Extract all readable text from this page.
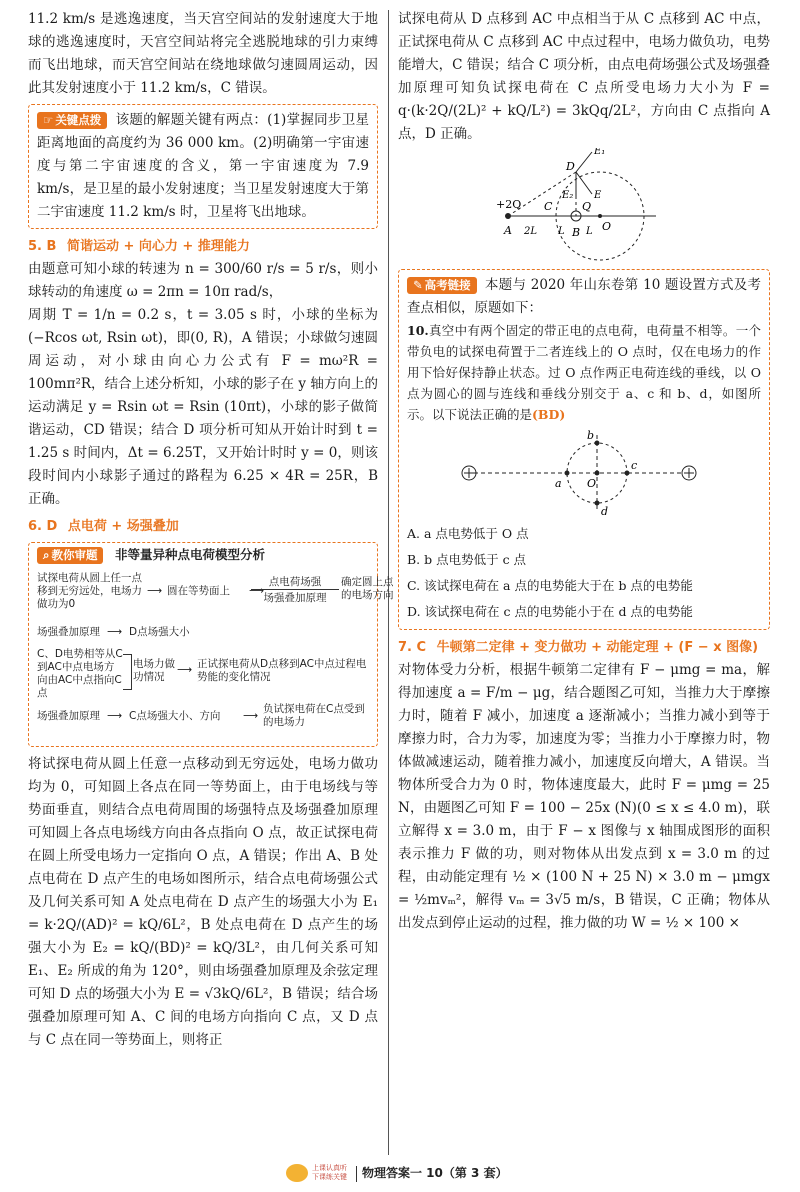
11.2 km/s 是逃逸速度，当天宫空间站的发射速度大于地球的逃逸速度时，天宫空间站将完全逃脱地球的引力束缚而飞出地球，而天宫空间站在绕地球做匀速圆周运动，因此其发射速度小于 11.2 km/s，C 错误。

☞ 关键点拨 该题的解题关键有两点：(1)掌握同步卫星距离地面的高度约为 36 000 km。(2)明确第一宇宙速度与第二宇宙速度的含义，第一宇宙速度为 7.9 km/s，是卫星的最小发射速度；当卫星发射速度大于第二宇宙速度 11.2 km/s 时，卫星将飞出地球。

5. B 简谐运动 + 向心力 + 推理能力

由题意可知小球的转速为 n = 300/60 r/s = 5 r/s，则小球转动的角速度 ω = 2πn = 10π rad/s，

周期 T = 1/n = 0.2 s，t = 3.05 s 时，小球的坐标为 (−Rcos ωt, Rsin ωt)，即(0, R)，A 错误；小球做匀速圆周运动，对小球由向心力公式有 F = mω²R = 100mπ²R，结合上述分析知，小球的影子在 y 轴方向上的运动满足 y = Rsin ωt = Rsin (10πt)，小球的影子做简谐运动，CD 错误；结合 D 项分析可知从开始计时到 t = 1.25 s 时间内，Δt = 6.25T，又开始计时时 y = 0，则该段时间内小球影子通过的路程为 6.25 × 4R = 25R，B 正确。

6. D 点电荷 + 场强叠加
⌕ 教你审题 非等量异种点电荷模型分析
试探电荷从圆上任一点移到无穷远处，电场力做功为0
⟶ 圆在等势面上 ⟶
点电荷场强
场强叠加原理
确定圆上点的电场方向
场强叠加原理 ⟶ D点场强大小
C、D电势相等从C到AC中点电场方向由AC中点指向C点
电场力做功情况
⟶ 正试探电荷从D点移到AC中点过程电势能的变化情况
场强叠加原理 ⟶ C点场强大小、方向 ⟶
负试探电荷在C点受到的电场力

将试探电荷从圆上任意一点移动到无穷远处，电场力做功均为 0，可知圆上各点在同一等势面上，由于电场线与等势面垂直，则结合点电荷周围的场强特点及场强叠加原理可知圆上各点电场线方向由各点指向 O 点，故正试探电荷在圆上所受电场力一定指向 O 点，A 错误；作出 A、B 处点电荷在 D 点产生的电场如图所示，结合点电荷场强公式及几何关系可知 A 处点电荷在 D 点产生的场强大小为 E₁ = k·2Q/(AD)² = kQ/6L²，B 处点电荷在 D 点产生的场强大小为 E₂ = kQ/(BD)² = kQ/3L²，由几何关系可知 E₁、E₂ 所成的角为 120°，则由场强叠加原理及余弦定理可知 D 点的场强大小为 E = √3kQ/6L²，B 错误；结合场强叠加原理可知 A、C 间的电场方向指向 C 点，又 D 点与 C 点在同一等势面上，则将正

试探电荷从 D 点移到 AC 中点相当于从 C 点移到 AC 中点，正试探电荷从 C 点移到 AC 中点过程中，电场力做负功，电势能增大，C 错误；结合 C 项分析，由点电荷场强公式及场强叠加原理可知负试探电荷在 C 点所受电场力大小为 F = q·(k·2Q/(2L)² + kQ/L²) = 3kQq/2L²，方向由 C 点指向 A 点，D 正确。

+2Q
A
C
B
D
O
Q
E₁
E₂ E
2L L L

✎ 高考链接 本题与 2020 年山东卷第 10 题设置方式及考查点相似，原题如下：

10.真空中有两个固定的带正电的点电荷，电荷量不相等。一个带负电的试探电荷置于二者连线上的 O 点时，仅在电场力的作用下恰好保持静止状态。过 O 点作两正电荷连线的垂线，以 O 点为圆心的圆与连线和垂线分别交于 a、c 和 b、d，如图所示。以下说法正确的是(BD)

a
b
c
d
O
A. a 点电势低于 O 点
B. b 点电势低于 c 点
C. 该试探电荷在 a 点的电势能大于在 b 点的电势能
D. 该试探电荷在 c 点的电势能小于在 d 点的电势能
7. C 牛顿第二定律 + 变力做功 + 动能定理 + (F − x 图像)

对物体受力分析，根据牛顿第二定律有 F − μmg = ma，解得加速度 a = F/m − μg，结合题图乙可知，当推力大于摩擦力时，随着 F 减小，加速度 a 逐渐减小；当推力减小到等于摩擦力时，合力为零，加速度为零；当推力小于摩擦力时，物体做减速运动，随着推力减小，加速度反向增大，A 错误。当物体所受合力为 0 时，物体速度最大，此时 F = μmg = 25 N，由题图乙可知 F = 100 − 25x (N)(0 ≤ x ≤ 4.0 m)，联立解得 x = 3.0 m，由于 F − x 图像与 x 轴围成图形的面积表示推力 F 做的功，则对物体从出发点到 x = 3.0 m 的过程，由动能定理有 ½ × (100 N + 25 N) × 3.0 m − μmgx = ½mvₘ²，解得 vₘ = 3√5 m/s，B 错误，C 正确；物体从出发点到停止运动的过程，推力做的功 W = ½ × 100 ×

上课认真听
下课练关键 物理答案一 10（第 3 套）
